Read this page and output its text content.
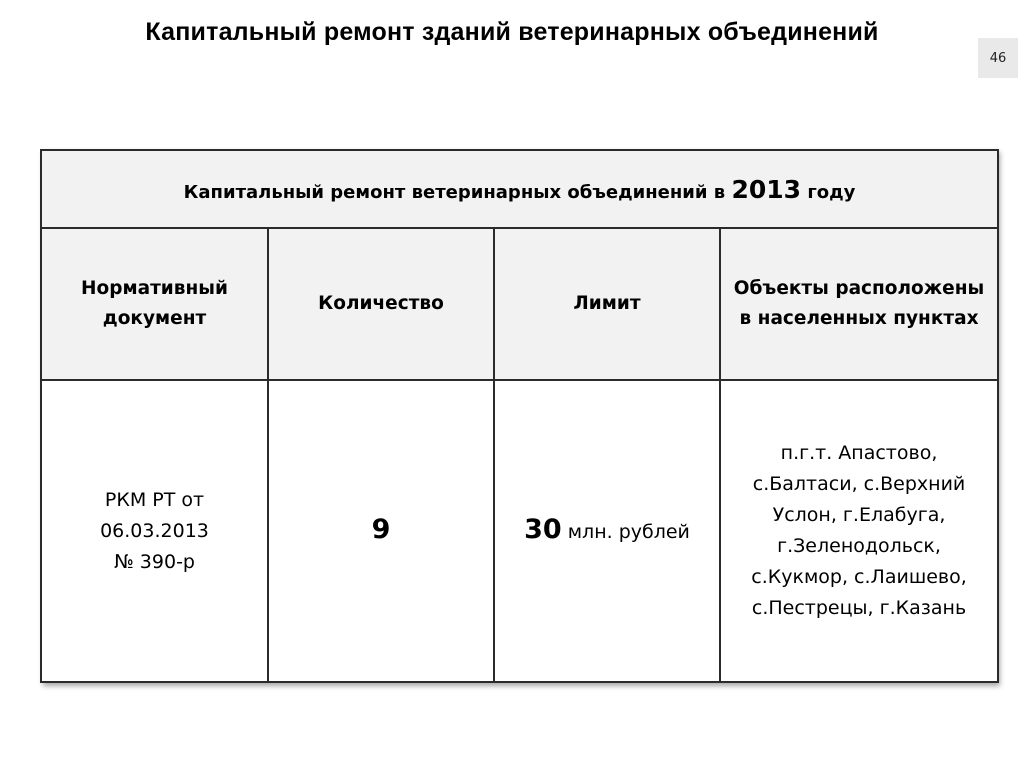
Капитальный ремонт зданий ветеринарных объединений
46
Капитальный ремонт ветеринарных объединений в 2013 году			
Нормативный документ	Количество	Лимит	Объекты расположены в населенных пунктах

РКМ РТ от
06.03.2013
№ 390-р	9	30 млн. рублей	п.г.т. Апастово, с.Балтаси, с.Верхний Услон, г.Елабуга, г.Зеленодольск, с.Кукмор, с.Лаишево, с.Пестрецы, г.Казань
